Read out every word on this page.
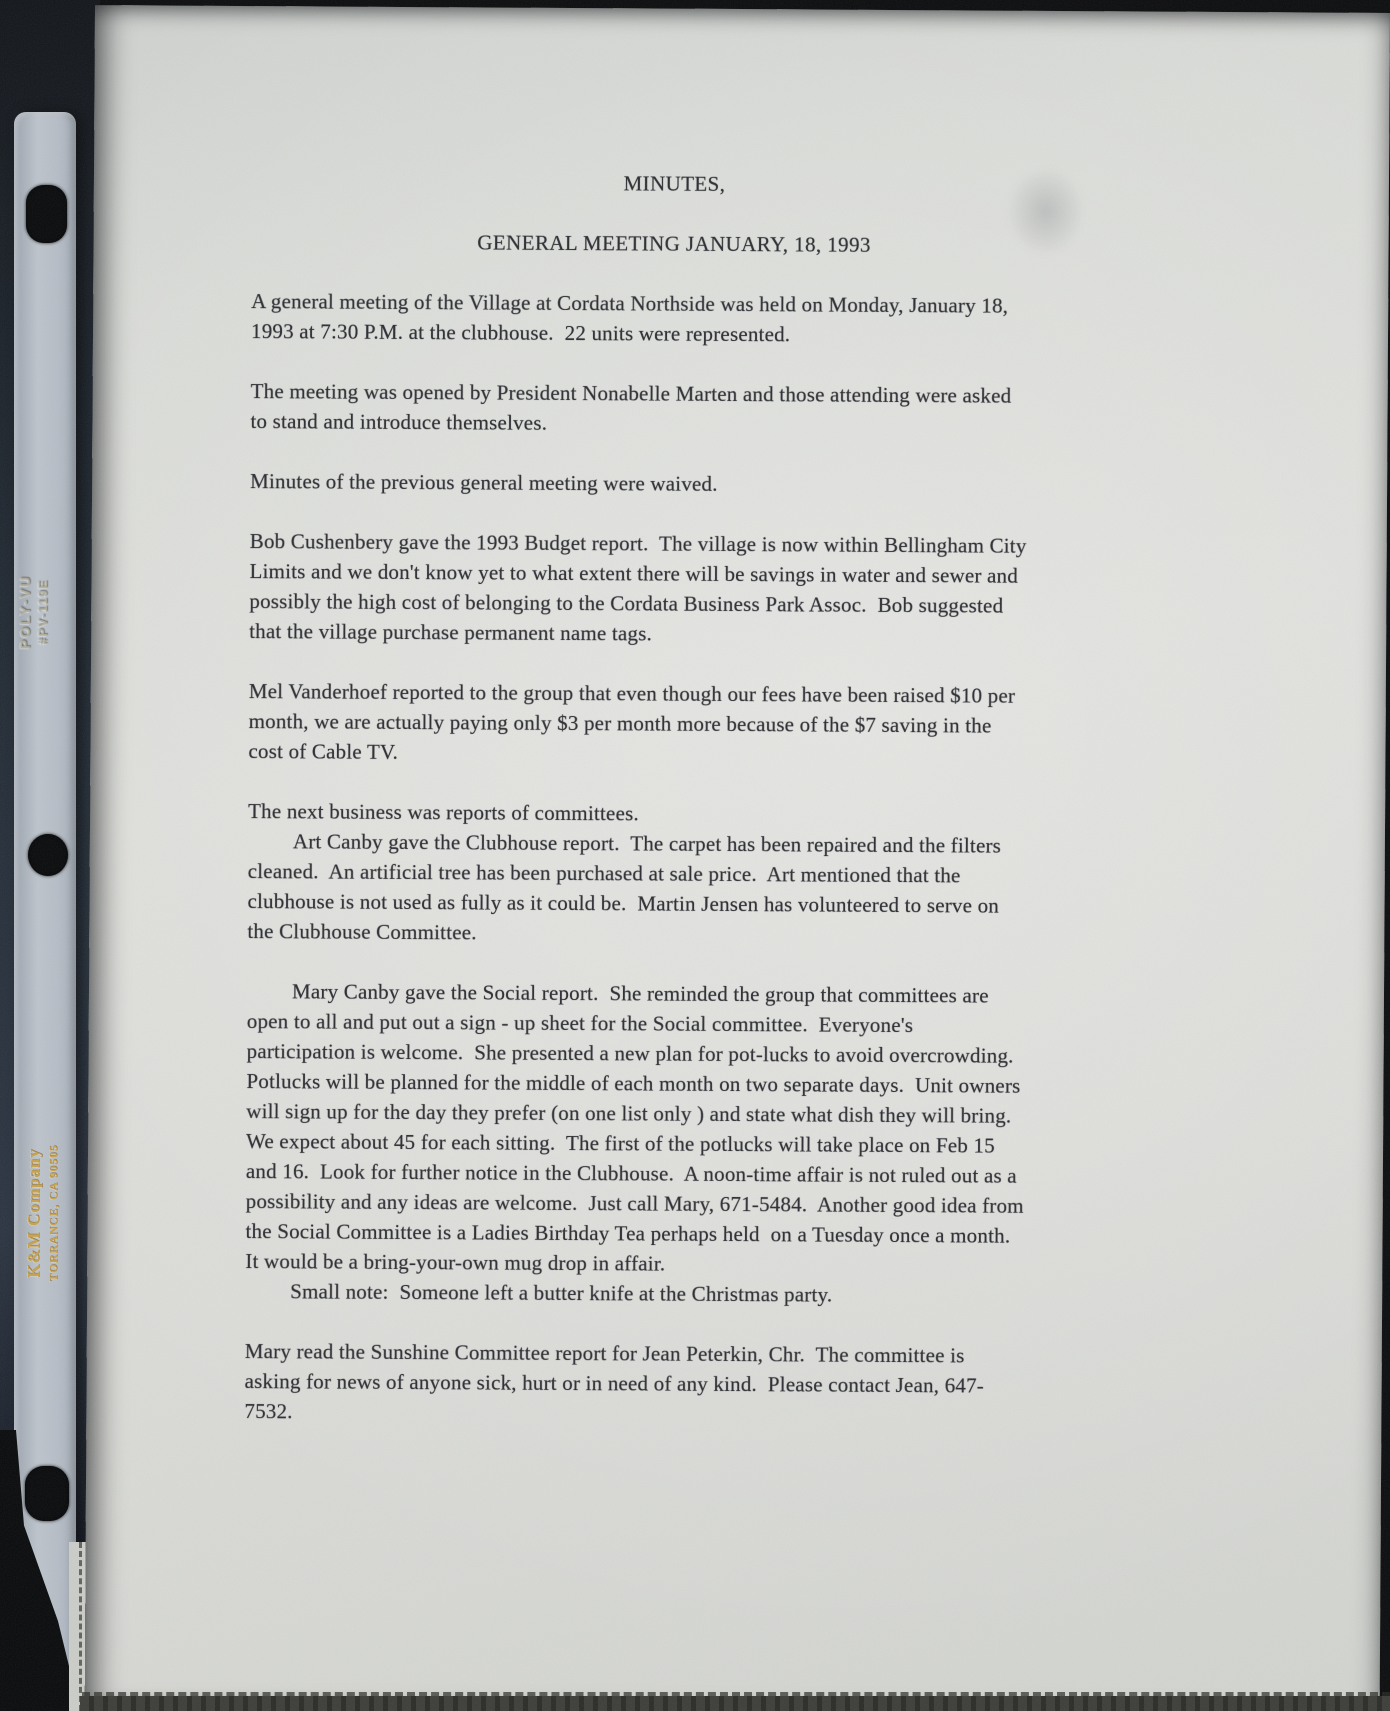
POLY-VU #PV-119E
K&M Company TORRANCE, CA 90505
MINUTES,
GENERAL MEETING JANUARY, 18, 1993

A general meeting of the Village at Cordata Northside was held on Monday, January 18,
1993 at 7:30 P.M. at the clubhouse.  22 units were represented.

The meeting was opened by President Nonabelle Marten and those attending were asked
to stand and introduce themselves.

Minutes of the previous general meeting were waived.

Bob Cushenbery gave the 1993 Budget report.  The village is now within Bellingham City
Limits and we don't know yet to what extent there will be savings in water and sewer and
possibly the high cost of belonging to the Cordata Business Park Assoc.  Bob suggested
that the village purchase permanent name tags.

Mel Vanderhoef reported to the group that even though our fees have been raised $10 per
month, we are actually paying only $3 per month more because of the $7 saving in the
cost of Cable TV.

The next business was reports of committees.
Art Canby gave the Clubhouse report.  The carpet has been repaired and the filters
cleaned.  An artificial tree has been purchased at sale price.  Art mentioned that the
clubhouse is not used as fully as it could be.  Martin Jensen has volunteered to serve on
the Clubhouse Committee.

Mary Canby gave the Social report.  She reminded the group that committees are
open to all and put out a sign - up sheet for the Social committee.  Everyone's
participation is welcome.  She presented a new plan for pot-lucks to avoid overcrowding.
Potlucks will be planned for the middle of each month on two separate days.  Unit owners
will sign up for the day they prefer (on one list only ) and state what dish they will bring.
We expect about 45 for each sitting.  The first of the potlucks will take place on Feb 15
and 16.  Look for further notice in the Clubhouse.  A noon-time affair is not ruled out as a
possibility and any ideas are welcome.  Just call Mary, 671-5484.  Another good idea from
the Social Committee is a Ladies Birthday Tea perhaps held  on a Tuesday once a month.
It would be a bring-your-own mug drop in affair.
Small note:  Someone left a butter knife at the Christmas party.

Mary read the Sunshine Committee report for Jean Peterkin, Chr.  The committee is
asking for news of anyone sick, hurt or in need of any kind.  Please contact Jean, 647-
7532.
